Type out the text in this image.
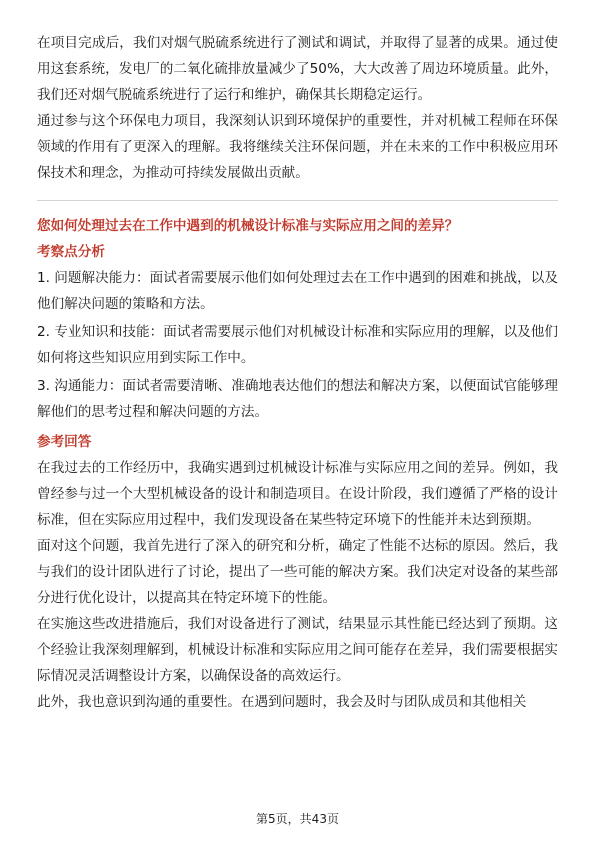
在项目完成后，我们对烟气脱硫系统进行了测试和调试，并取得了显著的成果。通过使用这套系统，发电厂的二氧化硫排放量减少了50%，大大改善了周边环境质量。此外，我们还对烟气脱硫系统进行了运行和维护，确保其长期稳定运行。

通过参与这个环保电力项目，我深刻认识到环境保护的重要性，并对机械工程师在环保领域的作用有了更深入的理解。我将继续关注环保问题，并在未来的工作中积极应用环保技术和理念，为推动可持续发展做出贡献。

您如何处理过去在工作中遇到的机械设计标准与实际应用之间的差异？

考察点分析

1. 问题解决能力：面试者需要展示他们如何处理过去在工作中遇到的困难和挑战，以及他们解决问题的策略和方法。

2. 专业知识和技能：面试者需要展示他们对机械设计标准和实际应用的理解，以及他们如何将这些知识应用到实际工作中。

3. 沟通能力：面试者需要清晰、准确地表达他们的想法和解决方案，以便面试官能够理解他们的思考过程和解决问题的方法。

参考回答

在我过去的工作经历中，我确实遇到过机械设计标准与实际应用之间的差异。例如，我曾经参与过一个大型机械设备的设计和制造项目。在设计阶段，我们遵循了严格的设计标准，但在实际应用过程中，我们发现设备在某些特定环境下的性能并未达到预期。

面对这个问题，我首先进行了深入的研究和分析，确定了性能不达标的原因。然后，我与我们的设计团队进行了讨论，提出了一些可能的解决方案。我们决定对设备的某些部分进行优化设计，以提高其在特定环境下的性能。

在实施这些改进措施后，我们对设备进行了测试，结果显示其性能已经达到了预期。这个经验让我深刻理解到，机械设计标准和实际应用之间可能存在差异，我们需要根据实际情况灵活调整设计方案，以确保设备的高效运行。

此外，我也意识到沟通的重要性。在遇到问题时，我会及时与团队成员和其他相关

第5页，共43页
